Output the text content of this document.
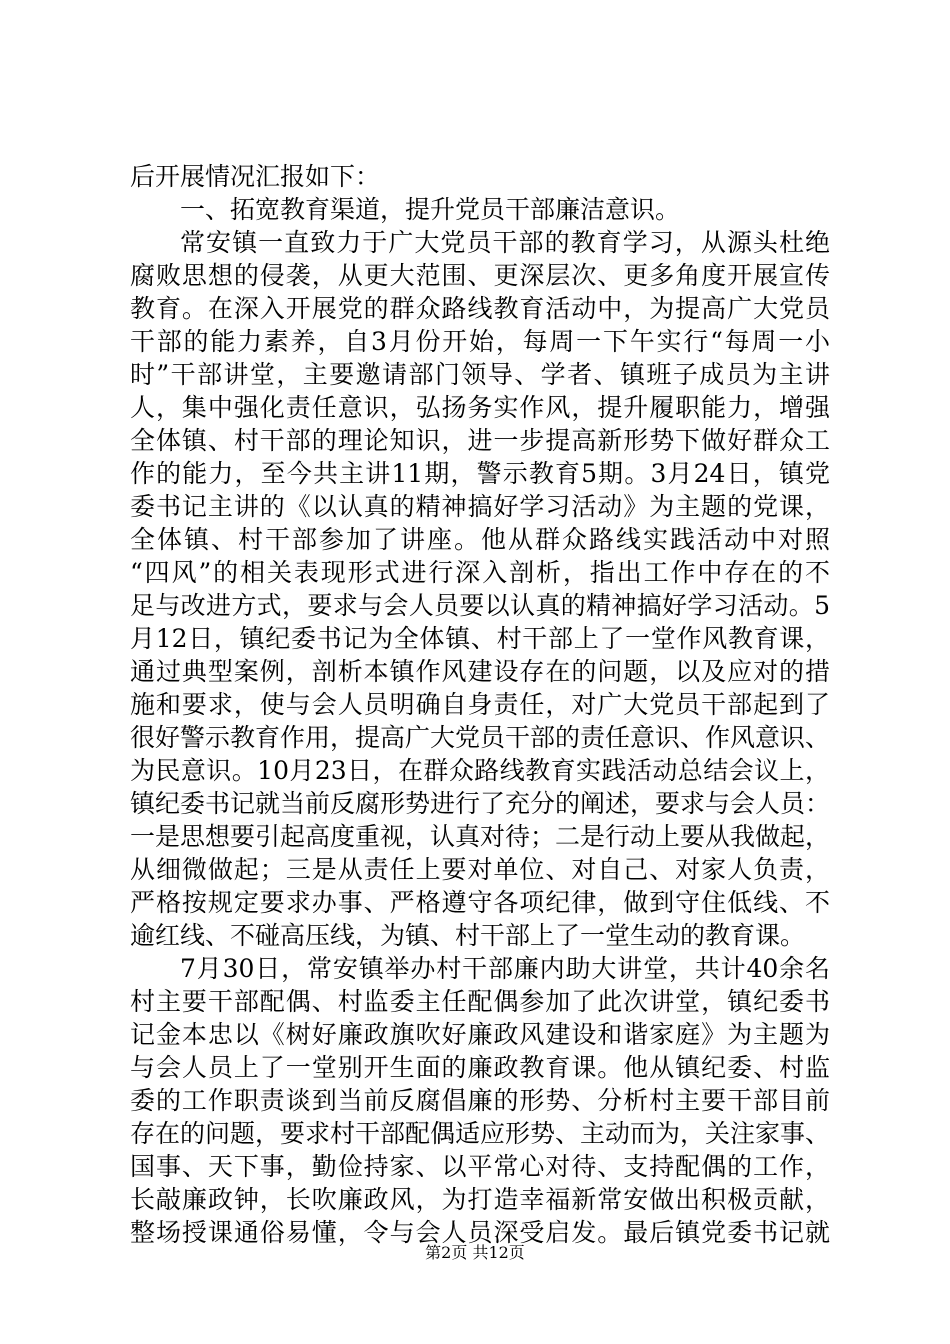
后开展情况汇报如下：
一、拓宽教育渠道，提升党员干部廉洁意识。
常安镇一直致力于广大党员干部的教育学习，从源头杜绝
腐败思想的侵袭，从更大范围、更深层次、更多角度开展宣传
教育。在深入开展党的群众路线教育活动中，为提高广大党员
干部的能力素养，自3月份开始，每周一下午实行“每周一小
时”干部讲堂，主要邀请部门领导、学者、镇班子成员为主讲
人，集中强化责任意识，弘扬务实作风，提升履职能力，增强
全体镇、村干部的理论知识，进一步提高新形势下做好群众工
作的能力，至今共主讲11期，警示教育5期。3月24日，镇党
委书记主讲的《以认真的精神搞好学习活动》为主题的党课，
全体镇、村干部参加了讲座。他从群众路线实践活动中对照
“四风”的相关表现形式进行深入剖析，指出工作中存在的不
足与改进方式，要求与会人员要以认真的精神搞好学习活动。5
月12日，镇纪委书记为全体镇、村干部上了一堂作风教育课，
通过典型案例，剖析本镇作风建设存在的问题，以及应对的措
施和要求，使与会人员明确自身责任，对广大党员干部起到了
很好警示教育作用，提高广大党员干部的责任意识、作风意识、
为民意识。10月23日，在群众路线教育实践活动总结会议上，
镇纪委书记就当前反腐形势进行了充分的阐述，要求与会人员：
一是思想要引起高度重视，认真对待；二是行动上要从我做起，
从细微做起；三是从责任上要对单位、对自己、对家人负责，
严格按规定要求办事、严格遵守各项纪律，做到守住低线、不
逾红线、不碰高压线，为镇、村干部上了一堂生动的教育课。
7月30日，常安镇举办村干部廉内助大讲堂，共计40余名
村主要干部配偶、村监委主任配偶参加了此次讲堂，镇纪委书
记金本忠以《树好廉政旗吹好廉政风建设和谐家庭》为主题为
与会人员上了一堂别开生面的廉政教育课。他从镇纪委、村监
委的工作职责谈到当前反腐倡廉的形势、分析村主要干部目前
存在的问题，要求村干部配偶适应形势、主动而为，关注家事、
国事、天下事，勤俭持家、以平常心对待、支持配偶的工作，
长敲廉政钟，长吹廉政风，为打造幸福新常安做出积极贡献，
整场授课通俗易懂，令与会人员深受启发。最后镇党委书记就
第2页 共12页
